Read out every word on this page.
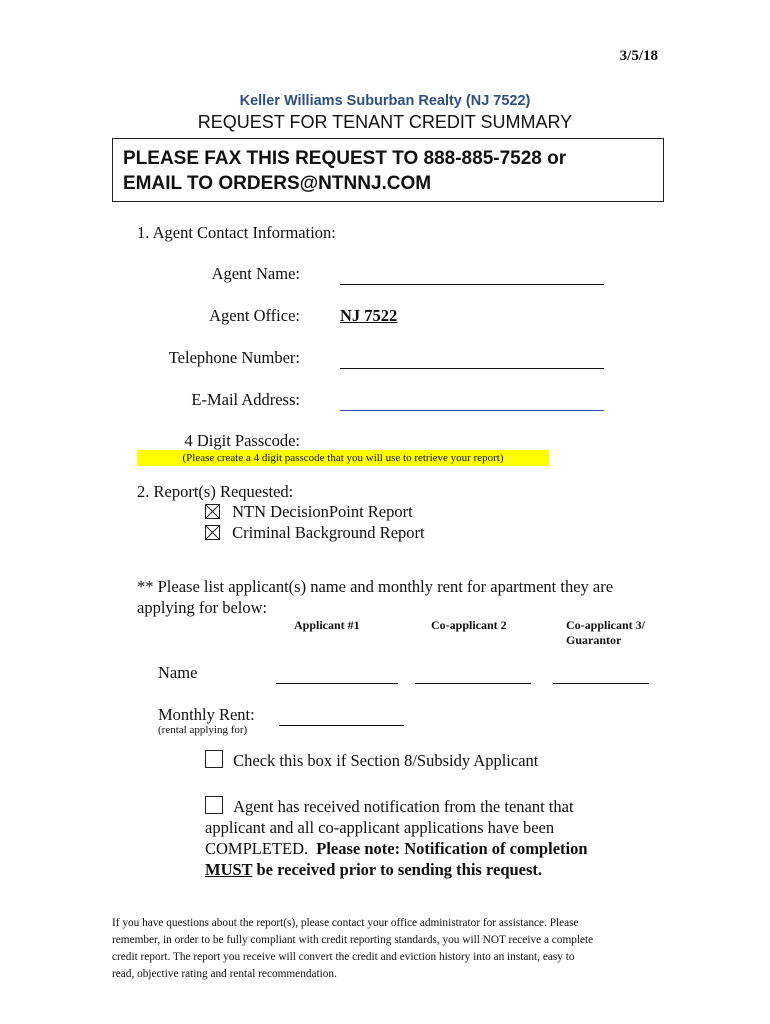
3/5/18
Keller Williams Suburban Realty (NJ 7522)
REQUEST FOR TENANT CREDIT SUMMARY
PLEASE FAX THIS REQUEST TO 888-885-7528 or
EMAIL TO ORDERS@NTNNJ.COM
1. Agent Contact Information:
Agent Name:
Agent Office: NJ 7522
Telephone Number:
E-Mail Address:
4 Digit Passcode:
(Please create a 4 digit passcode that you will use to retrieve your report)
2. Report(s) Requested:
NTN DecisionPoint Report
Criminal Background Report
** Please list applicant(s) name and monthly rent for apartment they are
applying for below:
Applicant #1	Co-applicant 2	Co-applicant 3/
Guarantor
Name
Monthly Rent:
(rental applying for)
Check this box if Section 8/Subsidy Applicant
Agent has received notification from the tenant that
applicant and all co-applicant applications have been
COMPLETED. Please note: Notification of completion
MUST be received prior to sending this request.
If you have questions about the report(s), please contact your office administrator for assistance. Please
remember, in order to be fully compliant with credit reporting standards, you will NOT receive a complete
credit report. The report you receive will convert the credit and eviction history into an instant, easy to
read, objective rating and rental recommendation.
